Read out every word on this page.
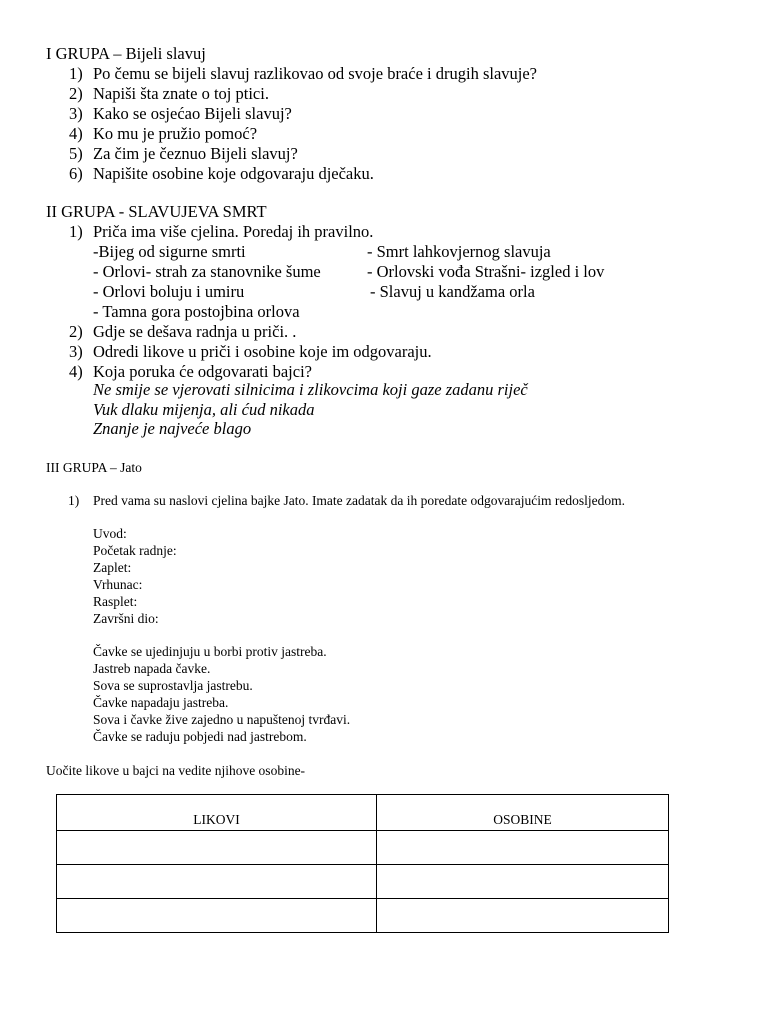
I GRUPA – Bijeli slavuj
1) Po čemu se bijeli slavuj razlikovao od svoje braće i drugih slavuje?
2) Napiši šta znate o toj ptici.
3) Kako se osjećao Bijeli slavuj?
4) Ko mu je pružio pomoć?
5) Za čim je čeznuo Bijeli slavuj?
6) Napišite osobine koje odgovaraju dječaku.
II GRUPA - SLAVUJEVA SMRT
1) Priča ima više cjelina. Poredaj ih pravilno.
-Bijeg od sigurne smrti
- Orlovi- strah za stanovnike šume
- Orlovi boluju i umiru
- Tamna gora postojbina orlova
- Smrt lahkovjernog slavuja
- Orlovski vođa Strašni- izgled i lov
- Slavuj u kandžama orla
2) Gdje se dešava radnja u priči. .
3) Odredi likove u priči i osobine koje im odgovaraju.
4) Koja poruka će odgovarati bajci?
Ne smije se vjerovati silnicima i zlikovcima koji gaze zadanu riječ
Vuk dlaku mijenja, ali ćud nikada
Znanje je najveće blago
III GRUPA – Jato
1) Pred vama su naslovi cjelina bajke Jato. Imate zadatak da ih poredate odgovarajućim redosljedom.
Uvod:
Početak radnje:
Zaplet:
Vrhunac:
Rasplet:
Završni dio:
Čavke se ujedinjuju u borbi protiv jastreba.
Jastreb napada čavke.
Sova se suprostavlja jastrebu.
Čavke napadaju jastreba.
Sova i čavke žive zajedno u napuštenoj tvrđavi.
Čavke se raduju pobjedi nad jastrebom.
Uočite likove u bajci na vedite njihove osobine-
LIKOVI	OSOBINE
